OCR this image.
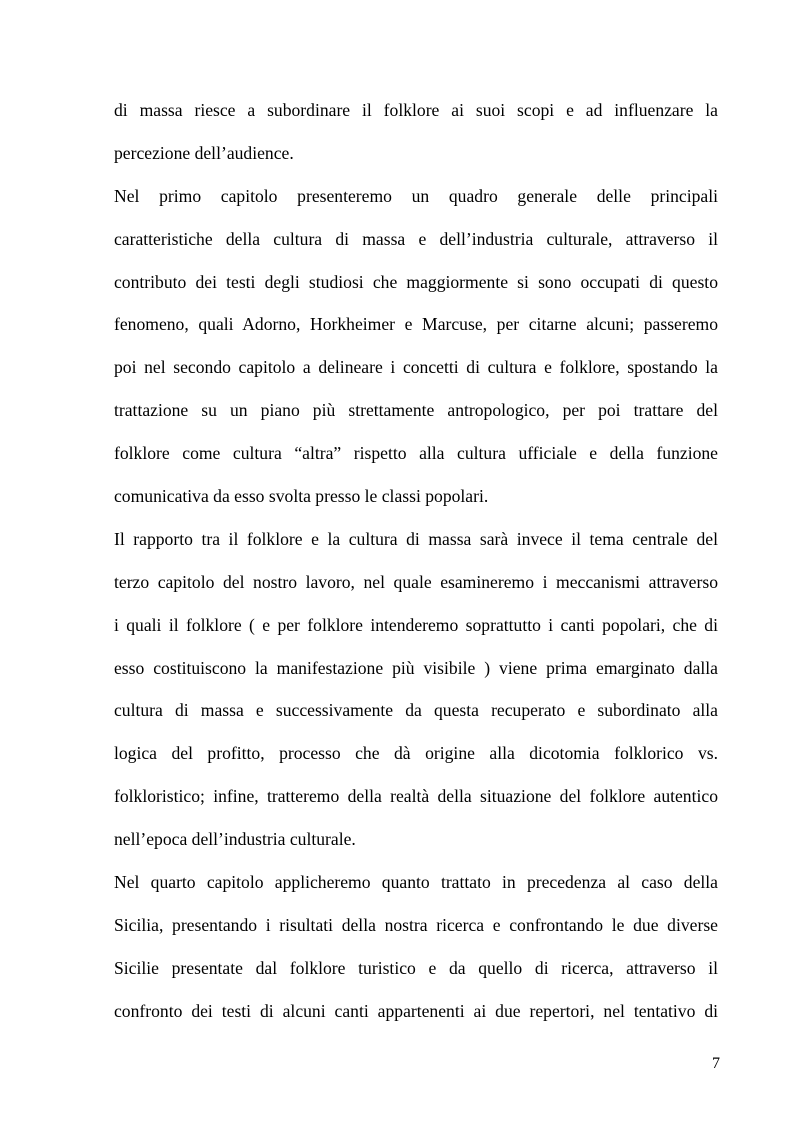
di massa riesce a subordinare il folklore ai suoi scopi e ad influenzare la
percezione dell’audience.
Nel primo capitolo presenteremo un quadro generale delle principali
caratteristiche della cultura di massa e dell’industria culturale, attraverso il
contributo dei testi degli studiosi che maggiormente si sono occupati di questo
fenomeno, quali Adorno, Horkheimer e Marcuse, per citarne alcuni; passeremo
poi nel secondo capitolo a delineare i concetti di cultura e folklore, spostando la
trattazione su un piano più strettamente antropologico, per poi trattare del
folklore come cultura “altra” rispetto alla cultura ufficiale e della funzione
comunicativa da esso svolta presso le classi popolari.
Il rapporto tra il folklore e la cultura di massa sarà invece il tema centrale del
terzo capitolo del nostro lavoro, nel quale esamineremo i meccanismi attraverso
i quali il folklore ( e per folklore intenderemo soprattutto i canti popolari, che di
esso costituiscono la manifestazione più visibile ) viene prima emarginato dalla
cultura di massa e successivamente da questa recuperato e subordinato alla
logica del profitto, processo che dà origine alla dicotomia folklorico vs.
folkloristico; infine, tratteremo della realtà della situazione del folklore autentico
nell’epoca dell’industria culturale.
Nel quarto capitolo applicheremo quanto trattato in precedenza al caso della
Sicilia, presentando i risultati della nostra ricerca e confrontando le due diverse
Sicilie presentate dal folklore turistico e da quello di ricerca, attraverso il
confronto dei testi di alcuni canti appartenenti ai due repertori, nel tentativo di
7
